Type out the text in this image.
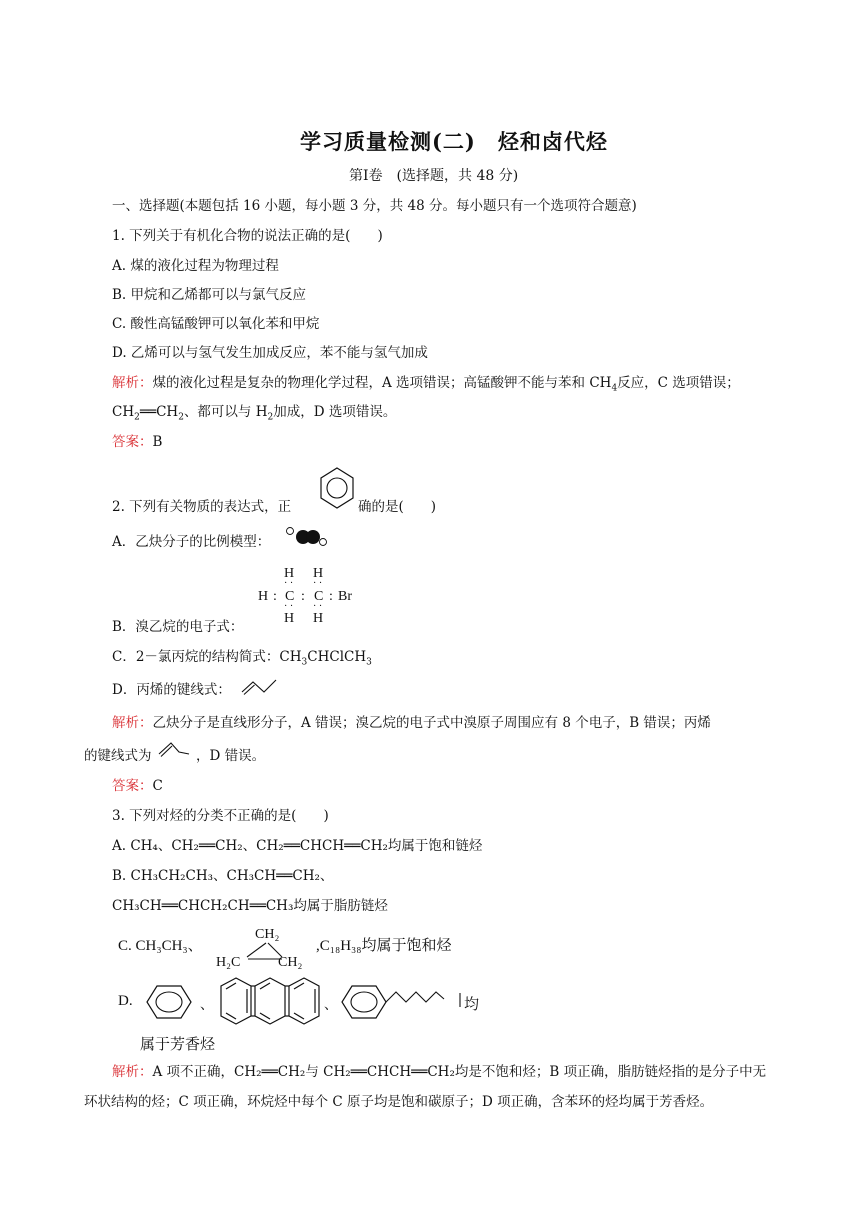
学习质量检测(二)　烃和卤代烃
第Ⅰ卷　(选择题，共 48 分)
一、选择题(本题包括 16 小题，每小题 3 分，共 48 分。每小题只有一个选项符合题意)
1. 下列关于有机化合物的说法正确的是(　　)
A. 煤的液化过程为物理过程
B. 甲烷和乙烯都可以与氯气反应
C. 酸性高锰酸钾可以氧化苯和甲烷
D. 乙烯可以与氢气发生加成反应，苯不能与氢气加成
解析：煤的液化过程是复杂的物理化学过程，A 选项错误；高锰酸钾不能与苯和 $CH_4$反应，C 选项错误；
$CH_2══CH_2$、都可以与 $H_2$加成，D 选项错误。
答案：B
2. 下列有关物质的表达式，正	确的是(　　)
A．乙炔分子的比例模型：
H H
· · · ·
H : C : C : Br
· · · ·
H H
B．溴乙烷的电子式：
C．2－氯丙烷的结构简式：$CH_3CHClCH_3$
D．丙烯的键线式：
解析：乙炔分子是直线形分子，A 错误；溴乙烷的电子式中溴原子周围应有 8 个电子，B 错误；丙烯
的键线式为	，D 错误。
答案：C
3. 下列对烃的分类不正确的是(　　)
A. CH₄、CH₂══CH₂、CH₂══CHCH══CH₂均属于饱和链烃
B. CH₃CH₂CH₃、CH₃CH══CH₂、
CH₃CH══CHCH₂CH══CH₃均属于脂肪链烃
C. CH₃CH₃、
CH₂
H₂C	CH₂
,C₁₈H₃₈均属于饱和烃
D.	、	、	均
属于芳香烃
解析：A 项不正确，CH₂══CH₂与 CH₂══CHCH══CH₂均是不饱和烃；B 项正确，脂肪链烃指的是分子中无
环状结构的烃；C 项正确，环烷烃中每个 C 原子均是饱和碳原子；D 项正确，含苯环的烃均属于芳香烃。
